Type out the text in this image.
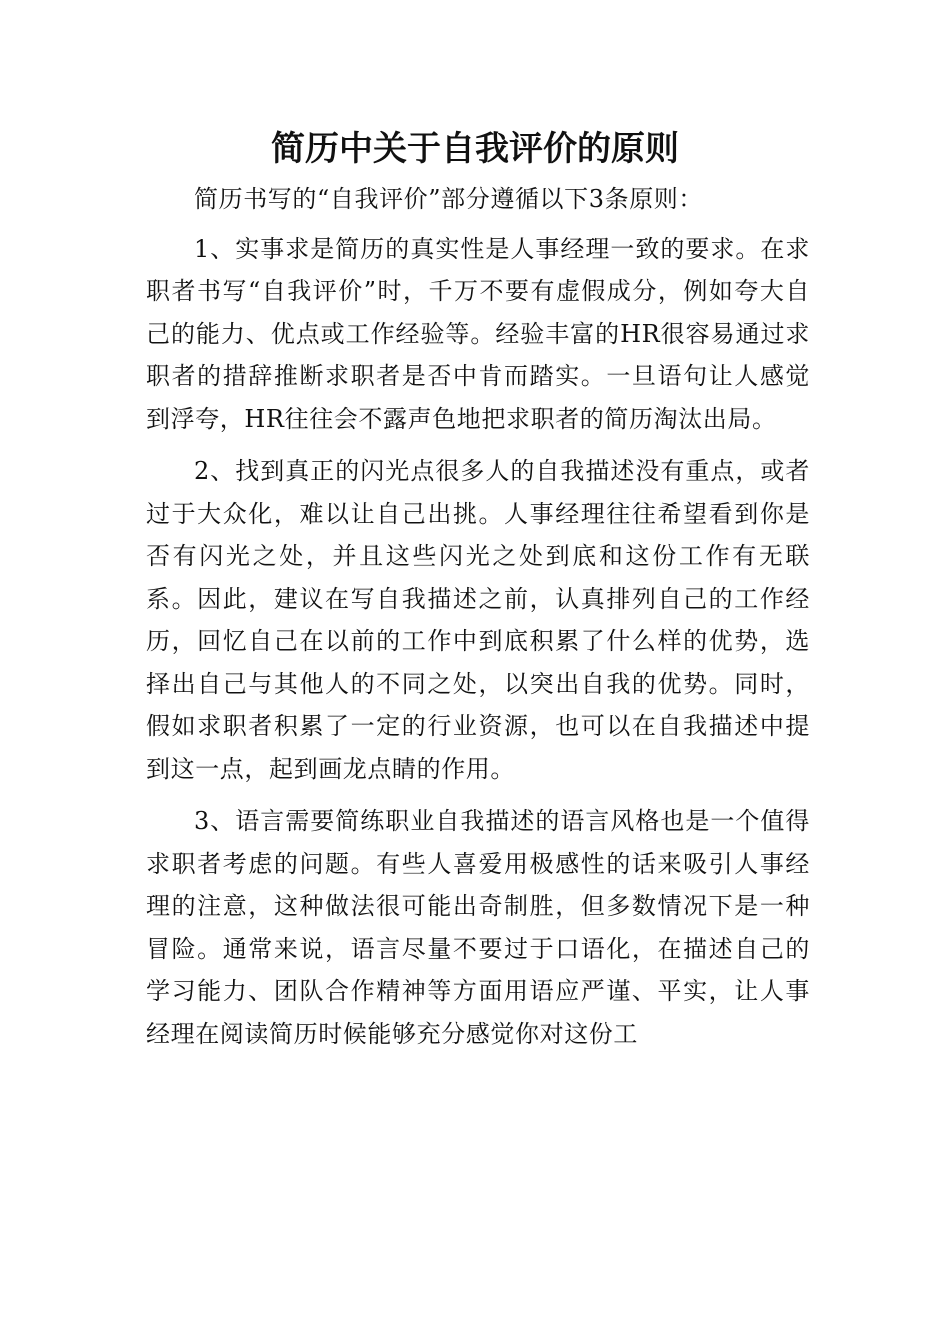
简历中关于自我评价的原则

简历书写的“自我评价”部分遵循以下3条原则：

1、实事求是简历的真实性是人事经理一致的要求。在求职者书写“自我评价”时，千万不要有虚假成分，例如夸大自己的能力、优点或工作经验等。经验丰富的HR很容易通过求职者的措辞推断求职者是否中肯而踏实。一旦语句让人感觉到浮夸，HR往往会不露声色地把求职者的简历淘汰出局。

2、找到真正的闪光点很多人的自我描述没有重点，或者过于大众化，难以让自己出挑。人事经理往往希望看到你是否有闪光之处，并且这些闪光之处到底和这份工作有无联系。因此，建议在写自我描述之前，认真排列自己的工作经历，回忆自己在以前的工作中到底积累了什么样的优势，选择出自己与其他人的不同之处，以突出自我的优势。同时，假如求职者积累了一定的行业资源，也可以在自我描述中提到这一点，起到画龙点睛的作用。

3、语言需要简练职业自我描述的语言风格也是一个值得求职者考虑的问题。有些人喜爱用极感性的话来吸引人事经理的注意，这种做法很可能出奇制胜，但多数情况下是一种冒险。通常来说，语言尽量不要过于口语化，在描述自己的学习能力、团队合作精神等方面用语应严谨、平实，让人事经理在阅读简历时候能够充分感觉你对这份工
